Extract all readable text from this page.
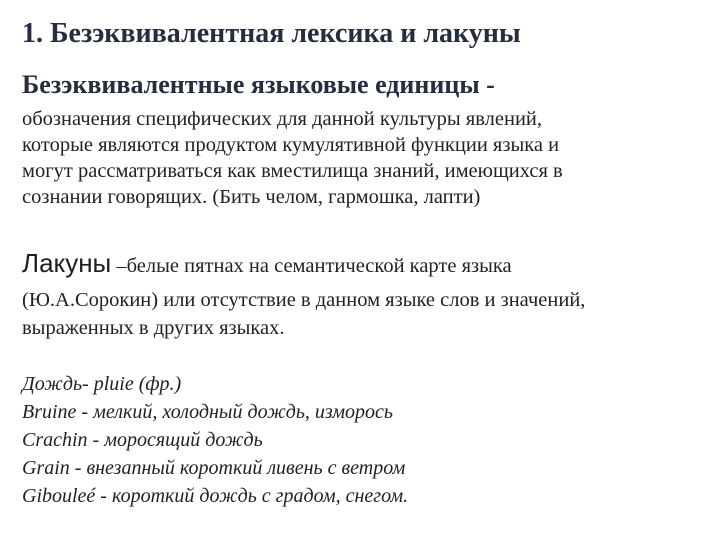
1. Безэквивалентная лексика и лакуны
Безэквивалентные языковые единицы -
обозначения специфических для данной культуры явлений,
которые являются продуктом кумулятивной функции языка и
могут рассматриваться как вместилища знаний, имеющихся в
сознании говорящих. (Бить челом, гармошка, лапти)
Лакуны –белые пятнах на семантической карте языка
(Ю.А.Сорокин) или отсутствие в данном языке слов и значений,
выраженных в других языках.
Дождь- pluie (фр.)
Bruine - мелкий, холодный дождь, изморось
Crachin - моросящий дождь
Grain - внезапный короткий ливень с ветром
Giboulеé - короткий дождь с градом, снегом.
